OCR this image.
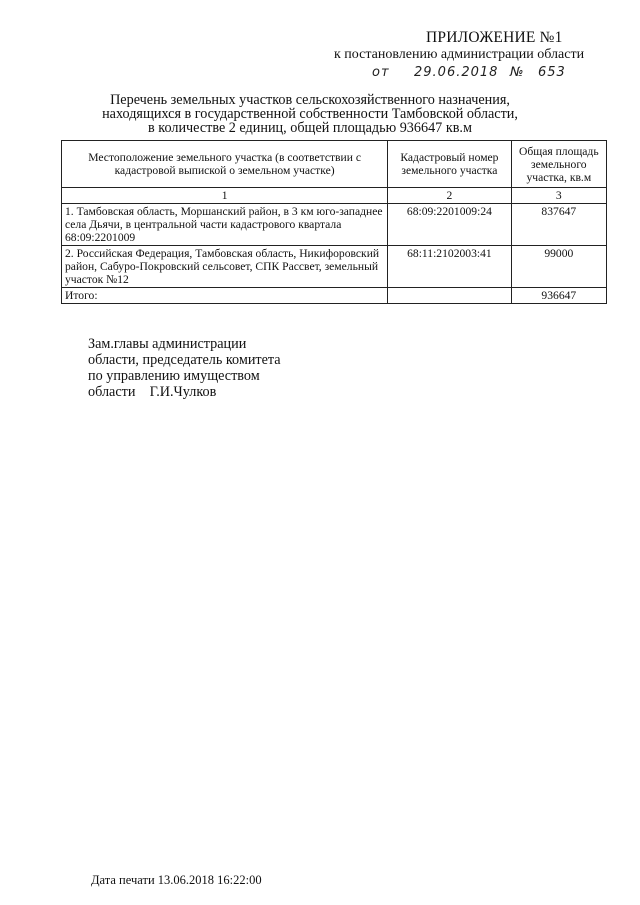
ПРИЛОЖЕНИЕ №1
к постановлению администрации области
от 29.06.2018 № 653
Перечень земельных участков сельскохозяйственного назначения,
находящихся в государственной собственности Тамбовской области,
в количестве 2 единиц, общей площадью 936647 кв.м
Местоположение земельного участка (в соответствии с кадастровой выпиской о земельном участке)	Кадастровый номер земельного участка	Общая площадь земельного участка, кв.м
1	2	3
1. Тамбовская область, Моршанский район, в 3 км юго-западнее села Дьячи, в центральной части кадастрового квартала 68:09:2201009	68:09:2201009:24	837647
2. Российская Федерация, Тамбовская область, Никифоровский район, Сабуро-Покровский сельсовет, СПК Рассвет, земельный участок №12	68:11:2102003:41	99000
Итого:		936647
Зам.главы администрации
области, председатель комитета
по управлению имуществом
области    Г.И.Чулков
Дата печати 13.06.2018 16:22:00
